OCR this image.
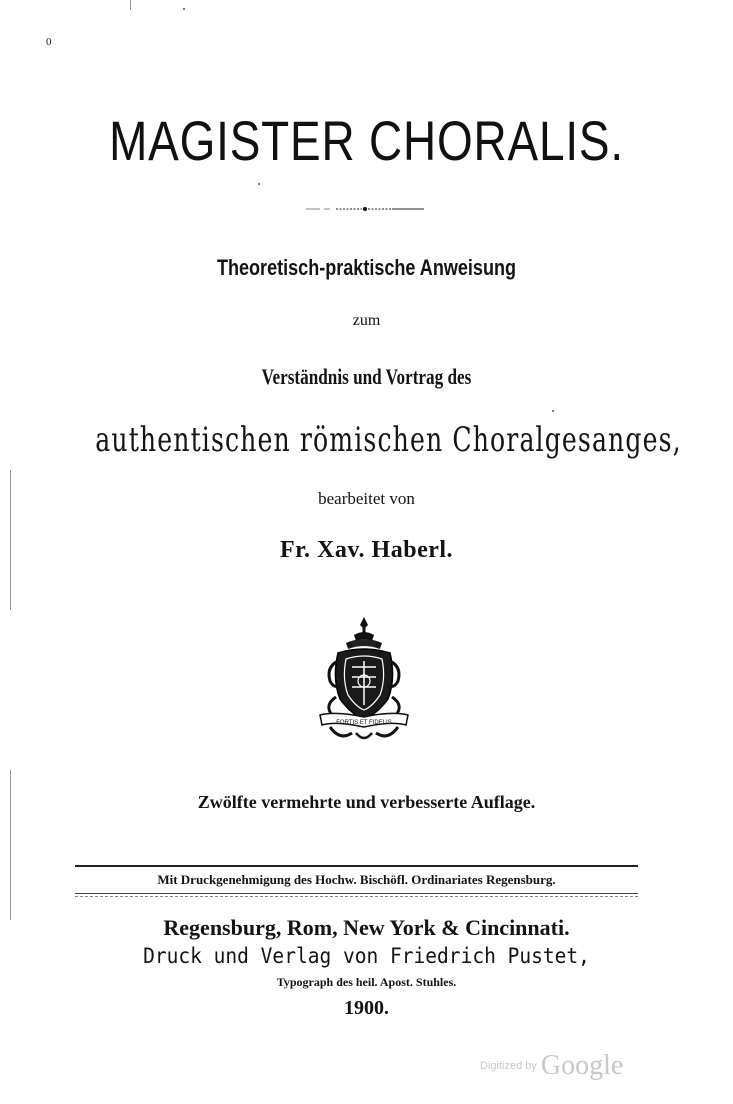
0
MAGISTER CHORALIS.
Theoretisch-praktische Anweisung
zum
Verständnis und Vortrag des
authentischen römischen Choralgesanges,
bearbeitet von
Fr. Xav. Haberl.
FORTIS ET FIDELIS
Zwölfte vermehrte und verbesserte Auflage.
Mit Druckgenehmigung des Hochw. Bischöfl. Ordinariates Regensburg.
Regensburg, Rom, New York & Cincinnati.
Druck und Verlag von Friedrich Pustet,
Typograph des heil. Apost. Stuhles.
1900.
Digitized by Google
